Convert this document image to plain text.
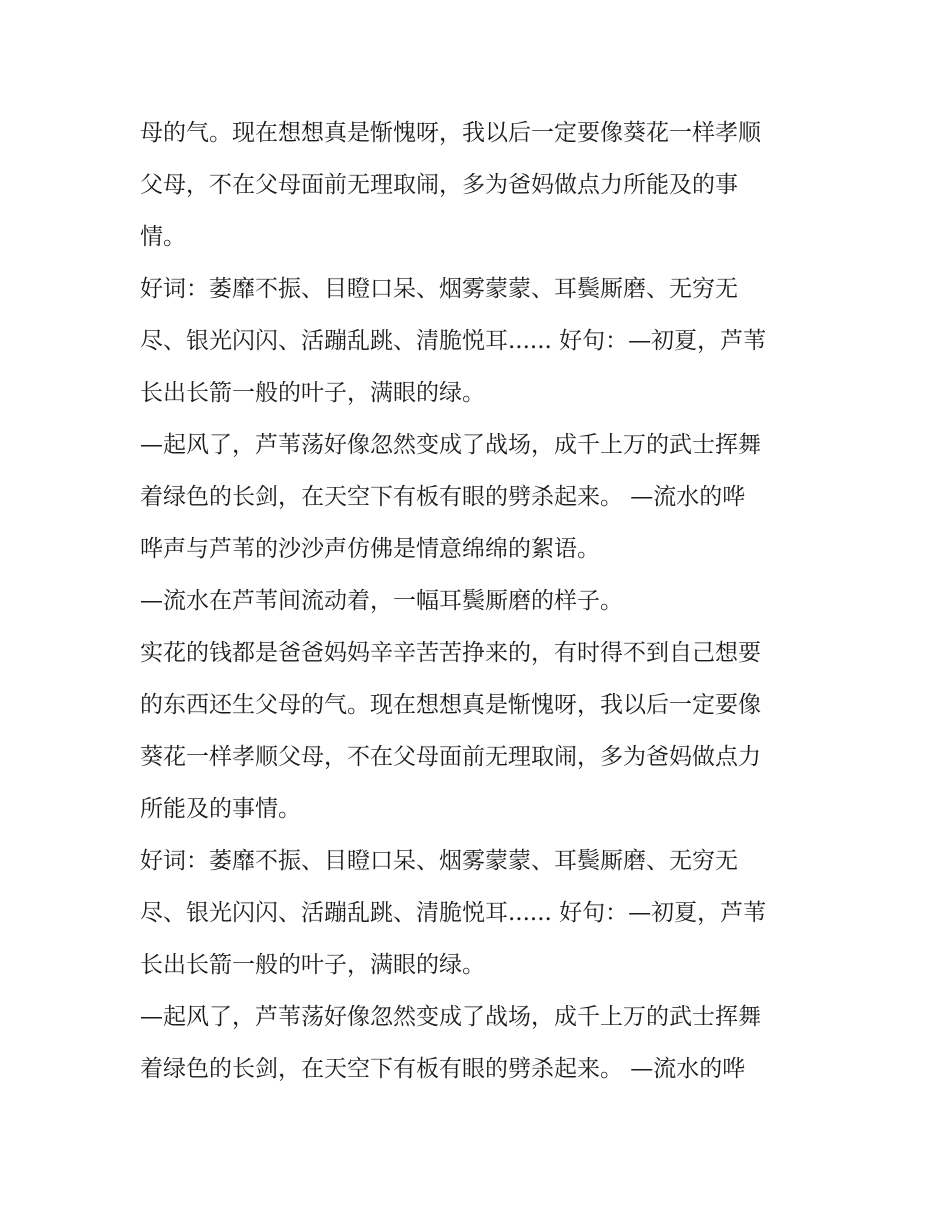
母的气。现在想想真是惭愧呀，我以后一定要像葵花一样孝顺
父母，不在父母面前无理取闹，多为爸妈做点力所能及的事
情。
好词：萎靡不振、目瞪口呆、烟雾蒙蒙、耳鬓厮磨、无穷无
尽、银光闪闪、活蹦乱跳、清脆悦耳...... 好句：—初夏，芦苇
长出长箭一般的叶子，满眼的绿。
—起风了，芦苇荡好像忽然变成了战场，成千上万的武士挥舞
着绿色的长剑，在天空下有板有眼的劈杀起来。 —流水的哗
哗声与芦苇的沙沙声仿佛是情意绵绵的絮语。
—流水在芦苇间流动着，一幅耳鬓厮磨的样子。
实花的钱都是爸爸妈妈辛辛苦苦挣来的，有时得不到自己想要
的东西还生父母的气。现在想想真是惭愧呀，我以后一定要像
葵花一样孝顺父母，不在父母面前无理取闹，多为爸妈做点力
所能及的事情。
好词：萎靡不振、目瞪口呆、烟雾蒙蒙、耳鬓厮磨、无穷无
尽、银光闪闪、活蹦乱跳、清脆悦耳...... 好句：—初夏，芦苇
长出长箭一般的叶子，满眼的绿。
—起风了，芦苇荡好像忽然变成了战场，成千上万的武士挥舞
着绿色的长剑，在天空下有板有眼的劈杀起来。 —流水的哗
